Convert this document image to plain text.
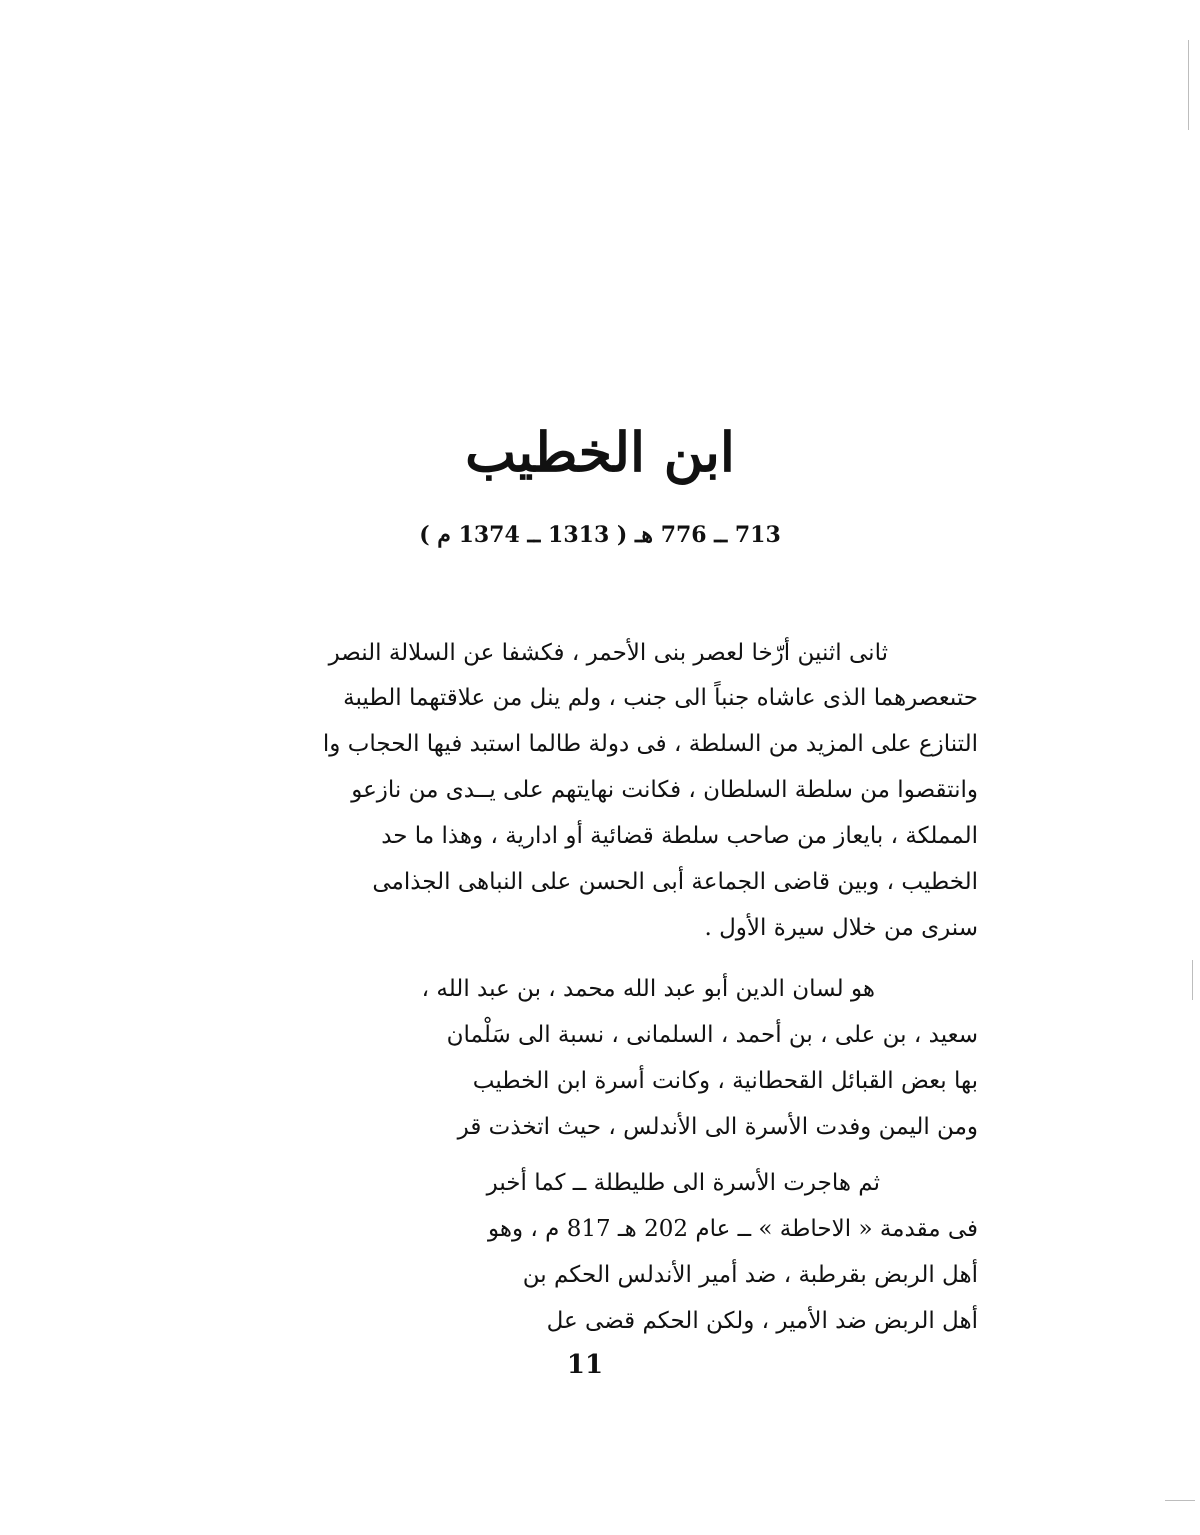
ابن الخطيب
713 ــ 776 هـ ( 1313 ــ 1374 م )
ثانى اثنين أرّخا لعصر بنى الأحمر ، فكشفا عن السلالة النصر
حتىعصرهما الذى عاشاه جنباً الى جنب ، ولم ينل من علاقتهما الطيبة
التنازع على المزيد من السلطة ، فى دولة طالما استبد فيها الحجاب وا
وانتقصوا من سلطة السلطان ، فكانت نهايتهم على يــدى من نازعو
المملكة ، بايعاز من صاحب سلطة قضائية أو ادارية ، وهذا ما حد
الخطيب ، وبين قاضى الجماعة أبى الحسن على النباهى الجذامى
سنرى من خلال سيرة الأول .
هو لسان الدين أبو عبد الله محمد ، بن عبد الله ،
سعيد ، بن على ، بن أحمد ، السلمانى ، نسبة الى سَلْمان
بها بعض القبائل القحطانية ، وكانت أسرة ابن الخطيب
ومن اليمن وفدت الأسرة الى الأندلس ، حيث اتخذت قر
ثم هاجرت الأسرة الى طليطلة ــ كما أخبر
فى مقدمة « الاحاطة » ــ عام 202 هـ 817 م ، وهو
أهل الربض بقرطبة ، ضد أمير الأندلس الحكم بن
أهل الربض ضد الأمير ، ولكن الحكم قضى عل
11
